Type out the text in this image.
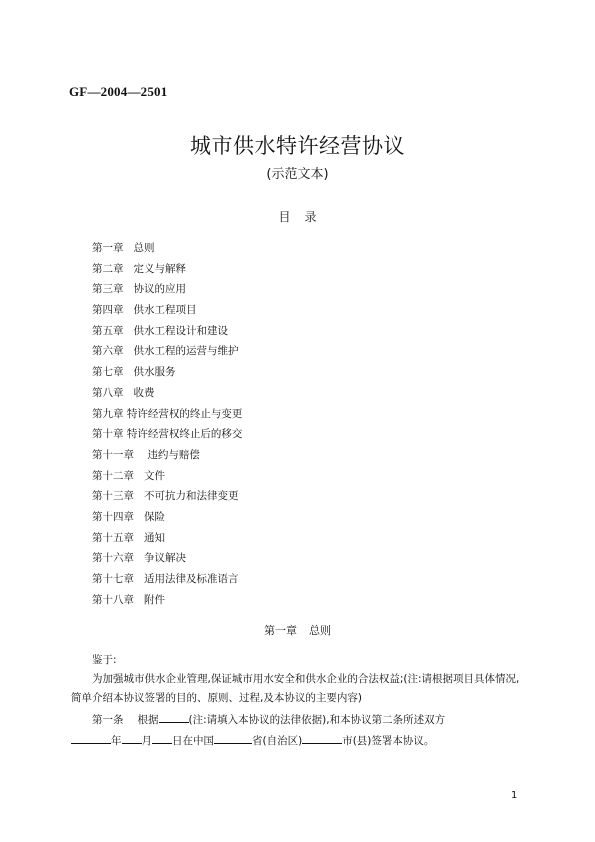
GF—2004—2501
城市供水特许经营协议
(示范文本)
目 录
第一章   总则
第二章   定义与解释
第三章   协议的应用
第四章   供水工程项目
第五章   供水工程设计和建设
第六章   供水工程的运营与维护
第七章   供水服务
第八章   收费
第九章 特许经营权的终止与变更
第十章 特许经营权终止后的移交
第十一章    违约与赔偿
第十二章   文件
第十三章   不可抗力和法律变更
第十四章   保险
第十五章   通知
第十六章   争议解决
第十七章   适用法律及标准语言
第十八章   附件
第一章 总则
鉴于:
为加强城市供水企业管理,保证城市用水安全和供水企业的合法权益;(注:请根据项目具体情况,简单介绍本协议签署的目的、原则、过程,及本协议的主要内容)
第一条 根据	(注:请填入本协议的法律依据),和本协议第二条所述双方
年 月 日在中国	省(自治区)	市(县)签署本协议。
1
